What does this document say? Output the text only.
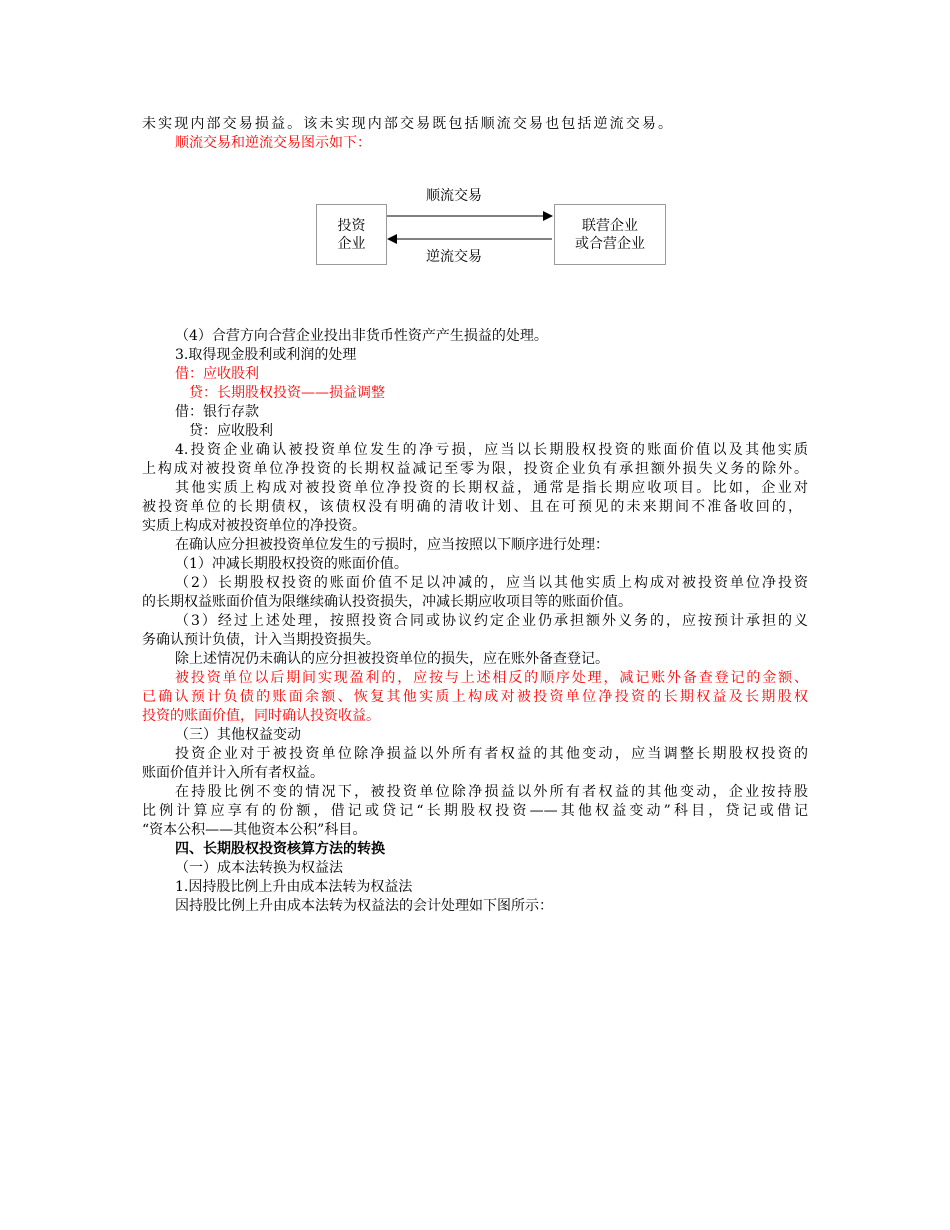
未实现内部交易损益。该未实现内部交易既包括顺流交易也包括逆流交易。
顺流交易和逆流交易图示如下：
投资
企业
联营企业
或合营企业
顺流交易
逆流交易
（4）合营方向合营企业投出非货币性资产产生损益的处理。
3.取得现金股利或利润的处理
借：应收股利
贷：长期股权投资——损益调整
借：银行存款
贷：应收股利
4.投资企业确认被投资单位发生的净亏损，应当以长期股权投资的账面价值以及其他实质
上构成对被投资单位净投资的长期权益减记至零为限，投资企业负有承担额外损失义务的除外。
其他实质上构成对被投资单位净投资的长期权益，通常是指长期应收项目。比如，企业对
被投资单位的长期债权，该债权没有明确的清收计划、且在可预见的未来期间不准备收回的，
实质上构成对被投资单位的净投资。
在确认应分担被投资单位发生的亏损时，应当按照以下顺序进行处理：
（1）冲减长期股权投资的账面价值。
（2）长期股权投资的账面价值不足以冲减的，应当以其他实质上构成对被投资单位净投资
的长期权益账面价值为限继续确认投资损失，冲减长期应收项目等的账面价值。
（3）经过上述处理，按照投资合同或协议约定企业仍承担额外义务的，应按预计承担的义
务确认预计负债，计入当期投资损失。
除上述情况仍未确认的应分担被投资单位的损失，应在账外备查登记。
被投资单位以后期间实现盈利的，应按与上述相反的顺序处理，减记账外备查登记的金额、
已确认预计负债的账面余额、恢复其他实质上构成对被投资单位净投资的长期权益及长期股权
投资的账面价值，同时确认投资收益。
（三）其他权益变动
投资企业对于被投资单位除净损益以外所有者权益的其他变动，应当调整长期股权投资的
账面价值并计入所有者权益。
在持股比例不变的情况下，被投资单位除净损益以外所有者权益的其他变动，企业按持股
比例计算应享有的份额，借记或贷记“长期股权投资——其他权益变动”科目，贷记或借记
“资本公积——其他资本公积”科目。
四、长期股权投资核算方法的转换
（一）成本法转换为权益法
1.因持股比例上升由成本法转为权益法
因持股比例上升由成本法转为权益法的会计处理如下图所示：
